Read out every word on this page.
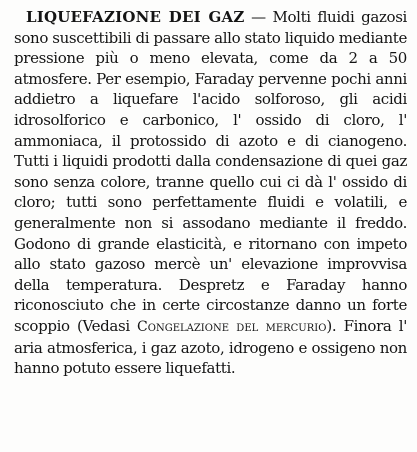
LIQUEFAZIONE DEI GAZ — Molti fluidi gazosi sono suscettibili di passare allo stato liquido mediante pressione più o meno elevata, come da 2 a 50 atmosfere. Per esempio, Faraday pervenne pochi anni addietro a liquefare l'acido solforoso, gli acidi idrosolforico e carbonico, l' ossido di cloro, l' ammoniaca, il protossido di azoto e di cianogeno. Tutti i liquidi prodotti dalla condensazione di quei gaz sono senza colore, tranne quello cui ci dà l' ossido di cloro; tutti sono perfettamente fluidi e volatili, e generalmente non si assodano mediante il freddo. Godono di grande elasticità, e ritornano con impeto allo stato gazoso mercè un' elevazione improvvisa della temperatura. Despretz e Faraday hanno riconosciuto che in certe circostanze danno un forte scoppio (Vedasi Congelazione del mercurio). Finora l' aria atmosferica, i gaz azoto, idrogeno e ossigeno non hanno potuto essere liquefatti.
